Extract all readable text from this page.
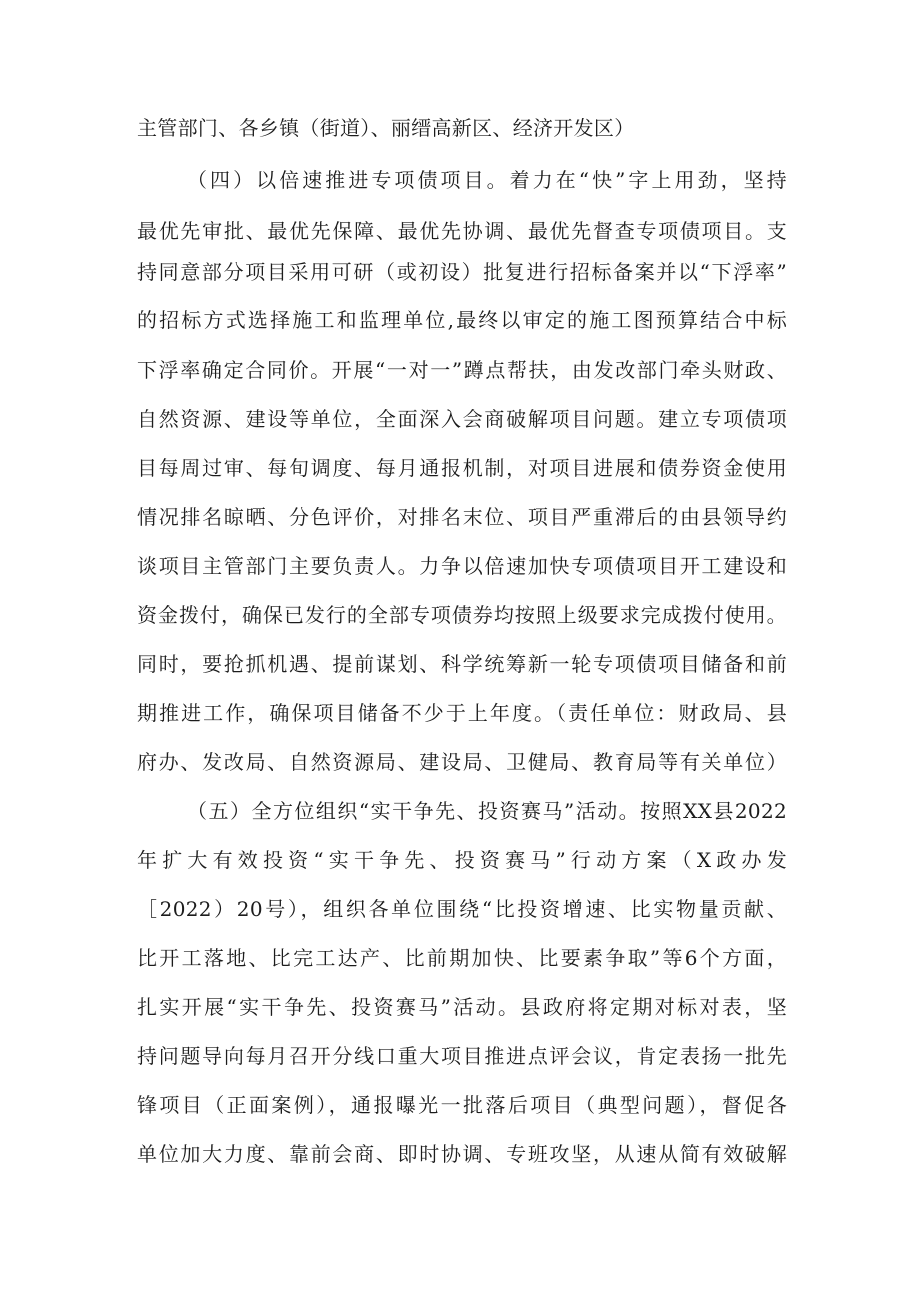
主管部门、各乡镇（街道）、丽缙高新区、经济开发区）
（四）以倍速推进专项债项目。着力在“快”字上用劲，坚持
最优先审批、最优先保障、最优先协调、最优先督查专项债项目。支
持同意部分项目采用可研（或初设）批复进行招标备案并以“下浮率”
的招标方式选择施工和监理单位,最终以审定的施工图预算结合中标
下浮率确定合同价。开展“一对一”蹲点帮扶，由发改部门牵头财政、
自然资源、建设等单位，全面深入会商破解项目问题。建立专项债项
目每周过审、每旬调度、每月通报机制，对项目进展和债券资金使用
情况排名晾晒、分色评价，对排名末位、项目严重滞后的由县领导约
谈项目主管部门主要负责人。力争以倍速加快专项债项目开工建设和
资金拨付，确保已发行的全部专项债券均按照上级要求完成拨付使用。
同时，要抢抓机遇、提前谋划、科学统筹新一轮专项债项目储备和前
期推进工作，确保项目储备不少于上年度。（责任单位：财政局、县
府办、发改局、自然资源局、建设局、卫健局、教育局等有关单位）
（五）全方位组织“实干争先、投资赛马”活动。按照XX县2022
年扩大有效投资“实干争先、投资赛马”行动方案（X政办发
［2022）20号），组织各单位围绕“比投资增速、比实物量贡献、
比开工落地、比完工达产、比前期加快、比要素争取”等6个方面，
扎实开展“实干争先、投资赛马”活动。县政府将定期对标对表，坚
持问题导向每月召开分线口重大项目推进点评会议，肯定表扬一批先
锋项目（正面案例），通报曝光一批落后项目（典型问题），督促各
单位加大力度、靠前会商、即时协调、专班攻坚，从速从简有效破解
